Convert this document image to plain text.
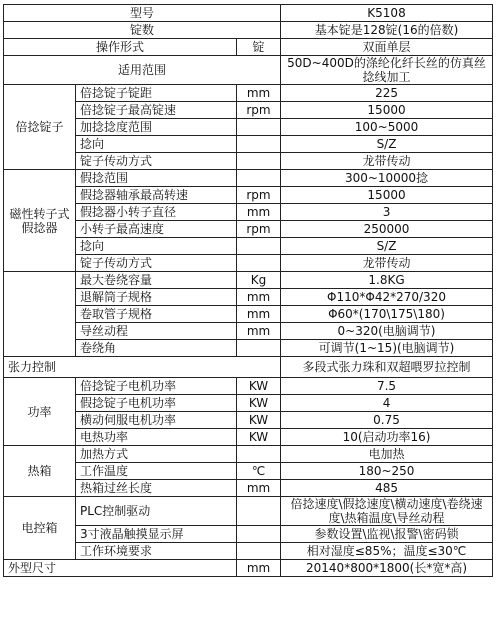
型号			K5108
锭数			基本锭是128锭(16的倍数)
操作形式		锭	双面单层
适用范围			50D~400D的涤纶化纤长丝的仿真丝捻线加工
倍捻锭子	倍捻锭子锭距	mm	225
	倍捻锭子最高锭速	rpm	15000
	加捻捻度范围		100~5000
	捻向		S/Z
	锭子传动方式		龙带传动
磁性转子式假捻器	假捻范围		300~10000捻
	假捻器轴承最高转速	rpm	15000
	假捻器小转子直径	mm	3
	小转子最高速度	rpm	250000
	捻向		S/Z
	锭子传动方式		龙带传动
	最大卷绕容量	Kg	1.8KG
	退解筒子规格	mm	Φ110*Φ42*270/320
	卷取管子规格	mm	Φ60*(170\175\180)
	导丝动程	mm	0~320(电脑调节)
	卷绕角		可调节(1~15)(电脑调节)
张力控制			多段式张力珠和双超喂罗拉控制
功率	倍捻锭子电机功率	KW	7.5
	假捻锭子电机功率	KW	4
	横动伺服电机功率	KW	0.75
	电热功率	KW	10(启动功率16)
热箱	加热方式		电加热
	工作温度	℃	180~250
	热箱过丝长度	mm	485
电控箱	PLC控制驱动		倍捻速度\假捻速度\横动速度\卷绕速度\热箱温度\导丝动程
	3寸液晶触摸显示屏		参数设置\监视\报警\密码锁
	工作环境要求		相对湿度≤85%；温度≤30℃
外型尺寸		mm	20140*800*1800(长*宽*高)
